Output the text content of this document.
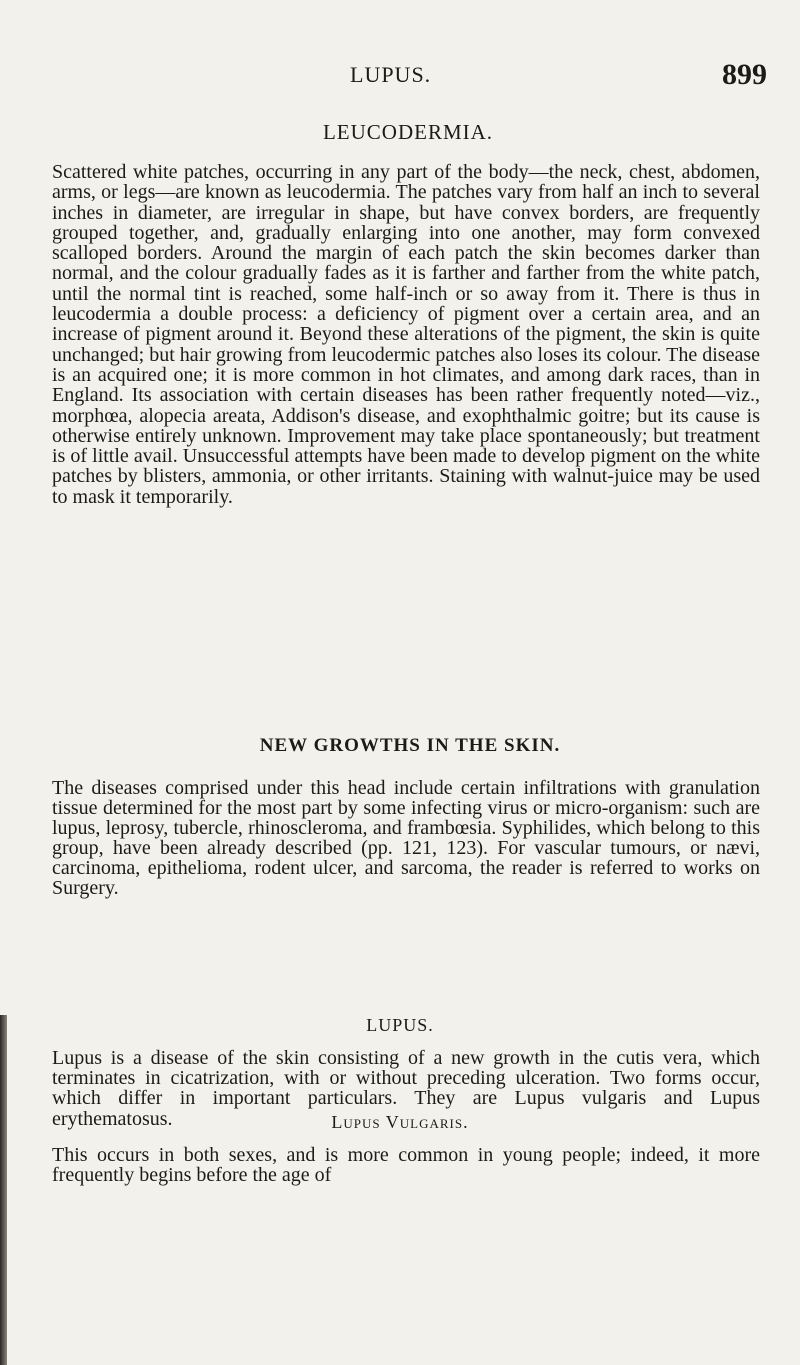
LUPUS.	899
LEUCODERMIA.

Scattered white patches, occurring in any part of the body—the neck, chest, abdomen, arms, or legs—are known as leucodermia. The patches vary from half an inch to several inches in diameter, are irregular in shape, but have convex borders, are frequently grouped together, and, gradually enlarging into one another, may form convexed scalloped borders. Around the margin of each patch the skin becomes darker than normal, and the colour gradually fades as it is farther and farther from the white patch, until the normal tint is reached, some half-inch or so away from it. There is thus in leucodermia a double process: a deficiency of pigment over a certain area, and an increase of pigment around it. Beyond these alterations of the pigment, the skin is quite unchanged; but hair growing from leucodermic patches also loses its colour. The disease is an acquired one; it is more common in hot climates, and among dark races, than in England. Its association with certain diseases has been rather frequently noted—viz., morphœa, alopecia areata, Addison's disease, and exophthalmic goitre; but its cause is otherwise entirely unknown. Improvement may take place spontaneously; but treatment is of little avail. Unsuccessful attempts have been made to develop pigment on the white patches by blisters, ammonia, or other irritants. Staining with walnut-juice may be used to mask it temporarily.

NEW GROWTHS IN THE SKIN.

The diseases comprised under this head include certain infiltrations with granulation tissue determined for the most part by some infecting virus or micro-organism: such are lupus, leprosy, tubercle, rhinoscleroma, and frambœsia. Syphilides, which belong to this group, have been already described (pp. 121, 123). For vascular tumours, or nævi, carcinoma, epithelioma, rodent ulcer, and sarcoma, the reader is referred to works on Surgery.

LUPUS.

Lupus is a disease of the skin consisting of a new growth in the cutis vera, which terminates in cicatrization, with or without preceding ulceration. Two forms occur, which differ in important particulars. They are Lupus vulgaris and Lupus erythematosus.	Lupus Vulgaris.

This occurs in both sexes, and is more common in young people; indeed, it more frequently begins before the age of
